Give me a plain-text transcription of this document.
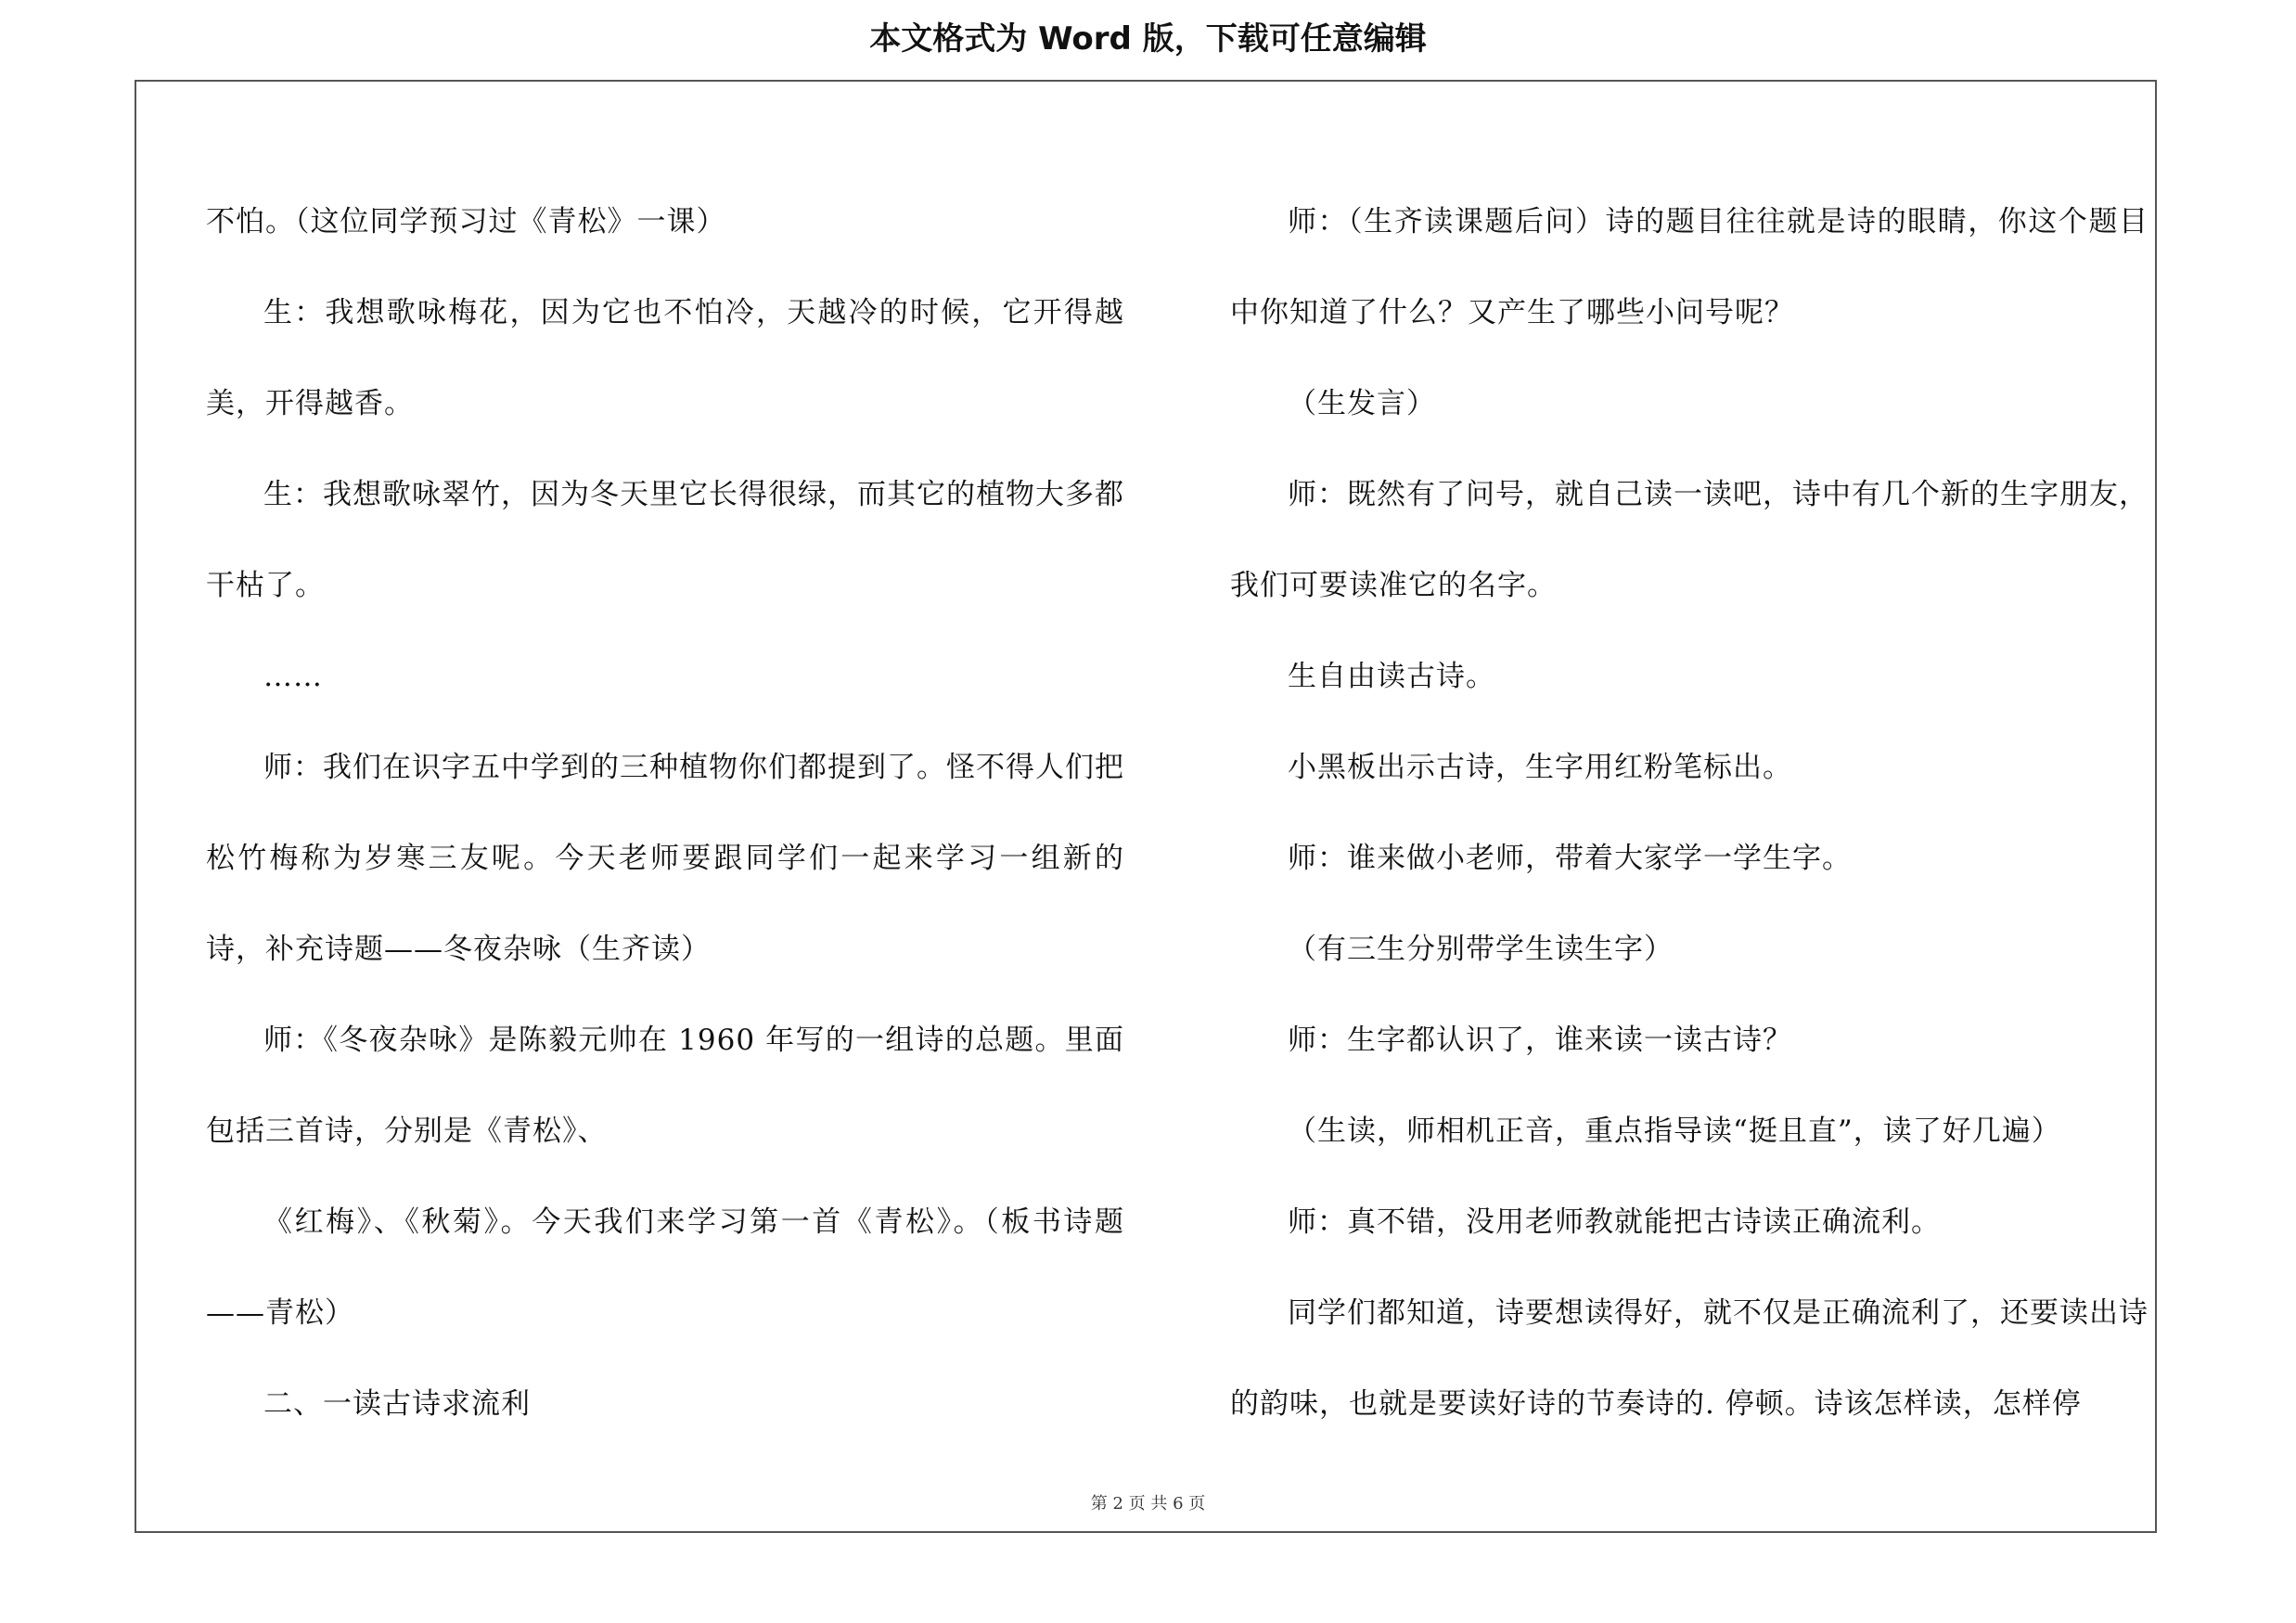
本文格式为 Word 版，下载可任意编辑

不怕。（这位同学预习过《青松》一课）

生：我想歌咏梅花，因为它也不怕冷，天越冷的时候，它开得越美，开得越香。

生：我想歌咏翠竹，因为冬天里它长得很绿，而其它的植物大多都干枯了。

……

师：我们在识字五中学到的三种植物你们都提到了。怪不得人们把松竹梅称为岁寒三友呢。今天老师要跟同学们一起来学习一组新的诗，补充诗题——冬夜杂咏（生齐读）

师：《冬夜杂咏》是陈毅元帅在 1960 年写的一组诗的总题。里面包括三首诗，分别是《青松》、

《红梅》、《秋菊》。今天我们来学习第一首《青松》。（板书诗题——青松）

二、一读古诗求流利

师：（生齐读课题后问）诗的题目往往就是诗的眼睛，你这个题目中你知道了什么？又产生了哪些小问号呢？

（生发言）

师：既然有了问号，就自己读一读吧，诗中有几个新的生字朋友，我们可要读准它的名字。

生自由读古诗。

小黑板出示古诗，生字用红粉笔标出。

师：谁来做小老师，带着大家学一学生字。

（有三生分别带学生读生字）

师：生字都认识了，谁来读一读古诗？

（生读，师相机正音，重点指导读“挺且直”，读了好几遍）

师：真不错，没用老师教就能把古诗读正确流利。

同学们都知道，诗要想读得好，就不仅是正确流利了，还要读出诗的韵味，也就是要读好诗的节奏诗的. 停顿。诗该怎样读，怎样停

第 2 页 共 6 页
